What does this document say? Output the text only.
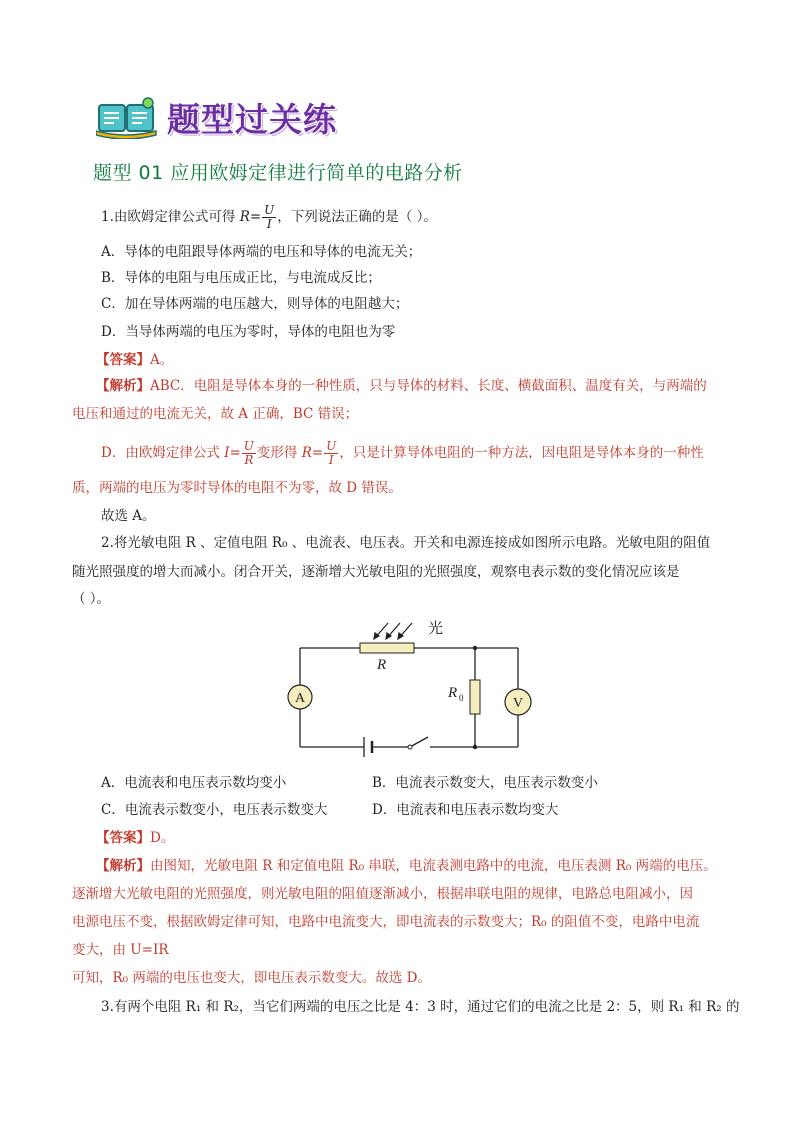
题型过关练
题型 01 应用欧姆定律进行简单的电路分析
1.由欧姆定律公式可得 $R= \frac{U}{I}$ ，下列说法正确的是（ ）。
A．导体的电阻跟导体两端的电压和导体的电流无关；
B．导体的电阻与电压成正比，与电流成反比；
C．加在导体两端的电压越大，则导体的电阻越大；
D．当导体两端的电压为零时，导体的电阻也为零
【答案】A。
【解析】ABC．电阻是导体本身的一种性质，只与导体的材料、长度、横截面积、温度有关，与两端的
电压和通过的电流无关，故 A 正确，BC 错误；
D．由欧姆定律公式 $I= \frac{U}{R}$ 变形得 $R= \frac{U}{I}$ ，只是计算导体电阻的一种方法，因电阻是导体本身的一种性
质，两端的电压为零时导体的电阻不为零，故 D 错误。
故选 A。
2.将光敏电阻 R 、定值电阻 R₀ 、电流表、电压表。开关和电源连接成如图所示电路。光敏电阻的阻值
随光照强度的增大而减小。闭合开关，逐渐增大光敏电阻的光照强度，观察电表示数的变化情况应该是
（ ）。
光
R
R 0
A	V
A．电流表和电压表示数均变小	B．电流表示数变大，电压表示数变小
C．电流表示数变小，电压表示数变大	D．电流表和电压表示数均变大
【答案】D。
【解析】由图知，光敏电阻 R 和定值电阻 R₀ 串联，电流表测电路中的电流，电压表测 R₀ 两端的电压。
逐渐增大光敏电阻的光照强度，则光敏电阻的阻值逐渐减小，根据串联电阻的规律，电路总电阻减小，因
电源电压不变，根据欧姆定律可知，电路中电流变大，即电流表的示数变大；R₀ 的阻值不变，电路中电流
变大，由 U=IR
可知，R₀ 两端的电压也变大，即电压表示数变大。故选 D。
3.有两个电阻 R₁ 和 R₂，当它们两端的电压之比是 4：3 时，通过它们的电流之比是 2：5，则 R₁ 和 R₂ 的
